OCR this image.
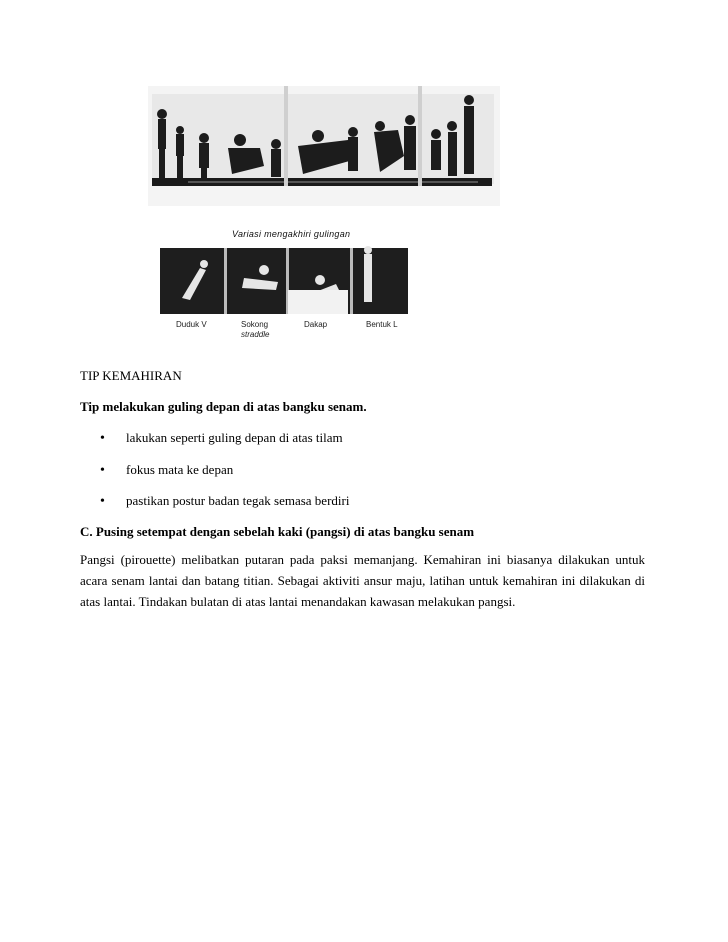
Variasi mengakhiri gulingan
Duduk V	Sokong
straddle
Dakap	Bentuk L
TIP KEMAHIRAN
Tip melakukan guling depan di atas bangku senam.
• lakukan seperti guling depan di atas tilam
• fokus mata ke depan
• pastikan postur badan tegak semasa berdiri
C. Pusing setempat dengan sebelah kaki (pangsi) di atas bangku senam
Pangsi (pirouette) melibatkan putaran pada paksi memanjang. Kemahiran ini biasanya dilakukan untuk acara senam lantai dan batang titian. Sebagai aktiviti ansur maju, latihan untuk kemahiran ini dilakukan di atas lantai. Tindakan bulatan di atas lantai menandakan kawasan melakukan pangsi.
